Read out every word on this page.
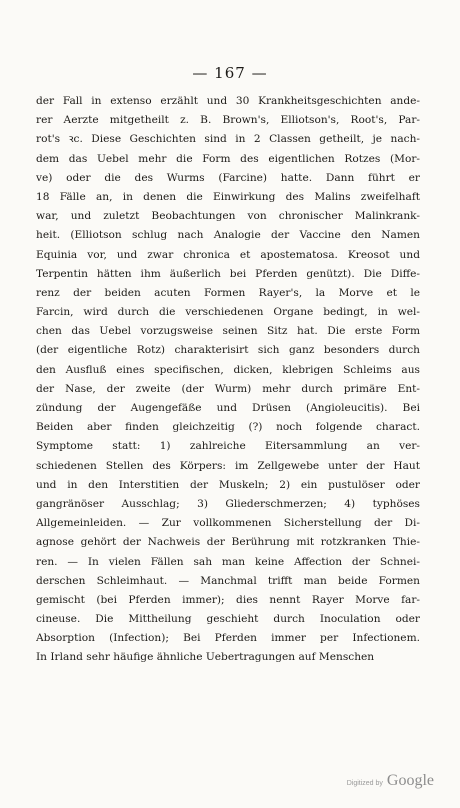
— 167 —
der Fall in extenso erzählt und 30 Krankheitsgeschichten ande-
rer Aerzte mitgetheilt z. B. Brown's, Elliotson's, Root's, Par-
rot's ꝛc. Diese Geschichten sind in 2 Classen getheilt, je nach-
dem das Uebel mehr die Form des eigentlichen Rotzes (Mor-
ve) oder die des Wurms (Farcine) hatte. Dann führt er
18 Fälle an, in denen die Einwirkung des Malins zweifelhaft
war, und zuletzt Beobachtungen von chronischer Malinkrank-
heit. (Elliotson schlug nach Analogie der Vaccine den Namen
Equinia vor, und zwar chronica et apostematosa. Kreosot und
Terpentin hätten ihm äußerlich bei Pferden genützt). Die Diffe-
renz der beiden acuten Formen Rayer's, la Morve et le
Farcin, wird durch die verschiedenen Organe bedingt, in wel-
chen das Uebel vorzugsweise seinen Sitz hat. Die erste Form
(der eigentliche Rotz) charakterisirt sich ganz besonders durch
den Ausfluß eines specifischen, dicken, klebrigen Schleims aus
der Nase, der zweite (der Wurm) mehr durch primäre Ent-
zündung der Augengefäße und Drüsen (Angioleucitis). Bei
Beiden aber finden gleichzeitig (?) noch folgende charact.
Symptome statt: 1) zahlreiche Eitersammlung an ver-
schiedenen Stellen des Körpers: im Zellgewebe unter der Haut
und in den Interstitien der Muskeln; 2) ein pustulöser oder
gangränöser Ausschlag; 3) Gliederschmerzen; 4) typhöses
Allgemeinleiden. — Zur vollkommenen Sicherstellung der Di-
agnose gehört der Nachweis der Berührung mit rotzkranken Thie-
ren. — In vielen Fällen sah man keine Affection der Schnei-
derschen Schleimhaut. — Manchmal trifft man beide Formen
gemischt (bei Pferden immer); dies nennt Rayer Morve far-
cineuse. Die Mittheilung geschieht durch Inoculation oder
Absorption (Infection); Bei Pferden immer per Infectionem.
In Irland sehr häufige ähnliche Uebertragungen auf Menschen
Digitized by Google
